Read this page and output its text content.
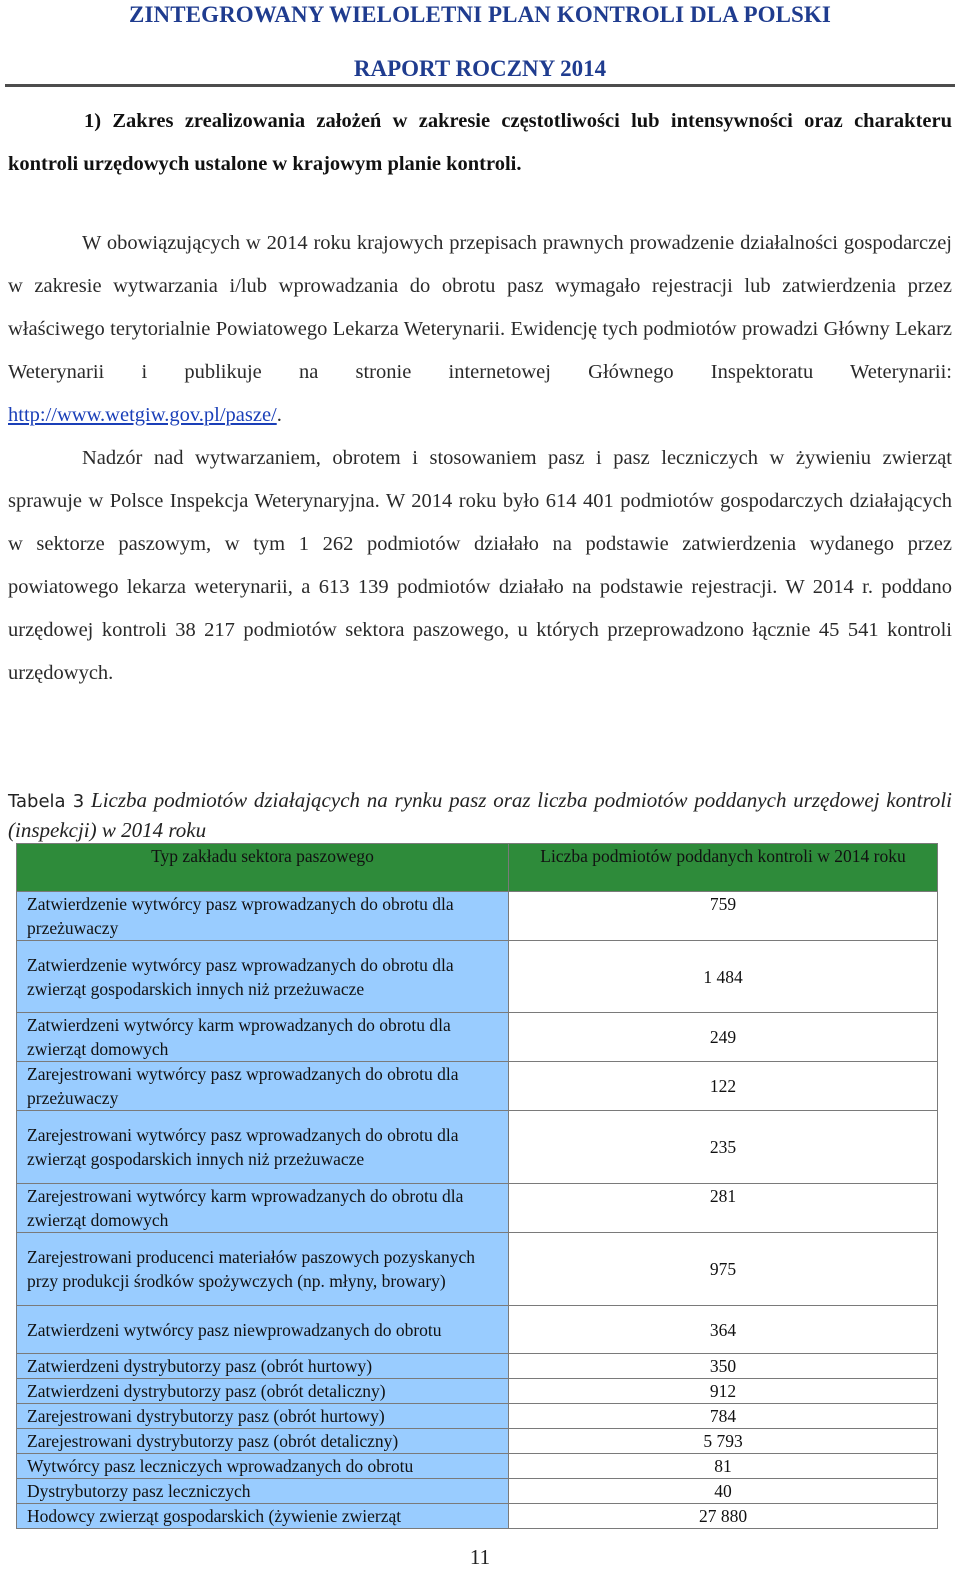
ZINTEGROWANY WIELOLETNI PLAN KONTROLI DLA POLSKI
RAPORT ROCZNY 2014
1) Zakres zrealizowania założeń w zakresie częstotliwości lub intensywności oraz charakteru kontroli urzędowych ustalone w krajowym planie kontroli.

W obowiązujących w 2014 roku krajowych przepisach prawnych prowadzenie działalności gospodarczej w zakresie wytwarzania i/lub wprowadzania do obrotu pasz wymagało rejestracji lub zatwierdzenia przez właściwego terytorialnie Powiatowego Lekarza Weterynarii. Ewidencję tych podmiotów prowadzi Główny Lekarz Weterynarii i publikuje na stronie internetowej Głównego Inspektoratu Weterynarii: http://www.wetgiw.gov.pl/pasze/.

Nadzór nad wytwarzaniem, obrotem i stosowaniem pasz i pasz leczniczych w żywieniu zwierząt sprawuje w Polsce Inspekcja Weterynaryjna. W 2014 roku było 614 401 podmiotów gospodarczych działających w sektorze paszowym, w tym 1 262 podmiotów działało na podstawie zatwierdzenia wydanego przez powiatowego lekarza weterynarii, a 613 139 podmiotów działało na podstawie rejestracji. W 2014 r. poddano urzędowej kontroli 38 217 podmiotów sektora paszowego, u których przeprowadzono łącznie 45 541 kontroli urzędowych.

Tabela 3 Liczba podmiotów działających na rynku pasz oraz liczba podmiotów poddanych urzędowej kontroli (inspekcji) w 2014 roku
Typ zakładu sektora paszowego	Liczba podmiotów poddanych kontroli w 2014 roku
Zatwierdzenie wytwórcy pasz wprowadzanych do obrotu dla przeżuwaczy	759
Zatwierdzenie wytwórcy pasz wprowadzanych do obrotu dla zwierząt gospodarskich innych niż przeżuwacze	1 484
Zatwierdzeni wytwórcy karm wprowadzanych do obrotu dla zwierząt domowych	249
Zarejestrowani wytwórcy pasz wprowadzanych do obrotu dla przeżuwaczy	122
Zarejestrowani wytwórcy pasz wprowadzanych do obrotu dla zwierząt gospodarskich innych niż przeżuwacze	235
Zarejestrowani wytwórcy karm wprowadzanych do obrotu dla zwierząt domowych	281
Zarejestrowani producenci materiałów paszowych pozyskanych przy produkcji środków spożywczych (np. młyny, browary)	975
Zatwierdzeni wytwórcy pasz niewprowadzanych do obrotu	364
Zatwierdzeni dystrybutorzy pasz (obrót hurtowy)	350
Zatwierdzeni dystrybutorzy pasz (obrót detaliczny)	912
Zarejestrowani dystrybutorzy pasz (obrót hurtowy)	784
Zarejestrowani dystrybutorzy pasz (obrót detaliczny)	5 793
Wytwórcy pasz leczniczych wprowadzanych do obrotu	81
Dystrybutorzy pasz leczniczych	40
Hodowcy zwierząt gospodarskich (żywienie zwierząt	27 880
11
